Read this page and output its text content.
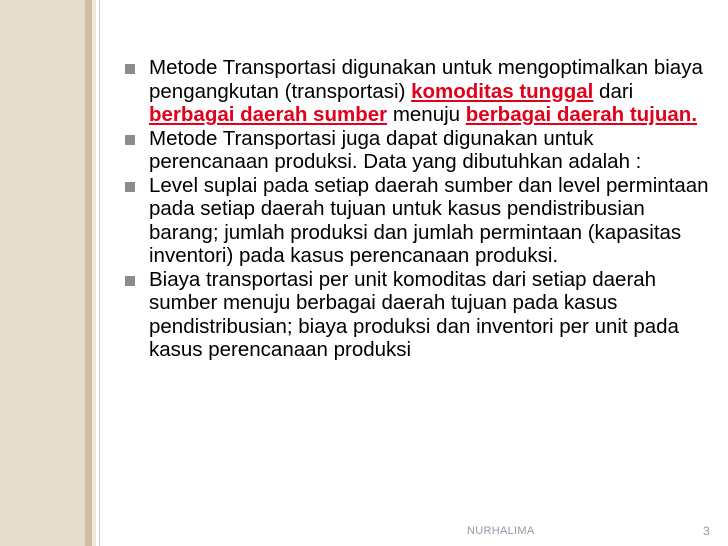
Metode Transportasi digunakan untuk mengoptimalkan biaya pengangkutan (transportasi) komoditas tunggal dari berbagai daerah sumber menuju berbagai daerah tujuan.
Metode Transportasi juga dapat digunakan untuk perencanaan produksi. Data yang dibutuhkan adalah :
Level suplai pada setiap daerah sumber dan level permintaan pada setiap daerah tujuan untuk kasus pendistribusian barang; jumlah produksi dan jumlah permintaan (kapasitas inventori) pada kasus perencanaan produksi.
Biaya transportasi per unit komoditas dari setiap daerah sumber menuju berbagai daerah tujuan pada kasus pendistribusian; biaya produksi dan inventori per unit pada kasus perencanaan produksi
NURHALIMA	3
